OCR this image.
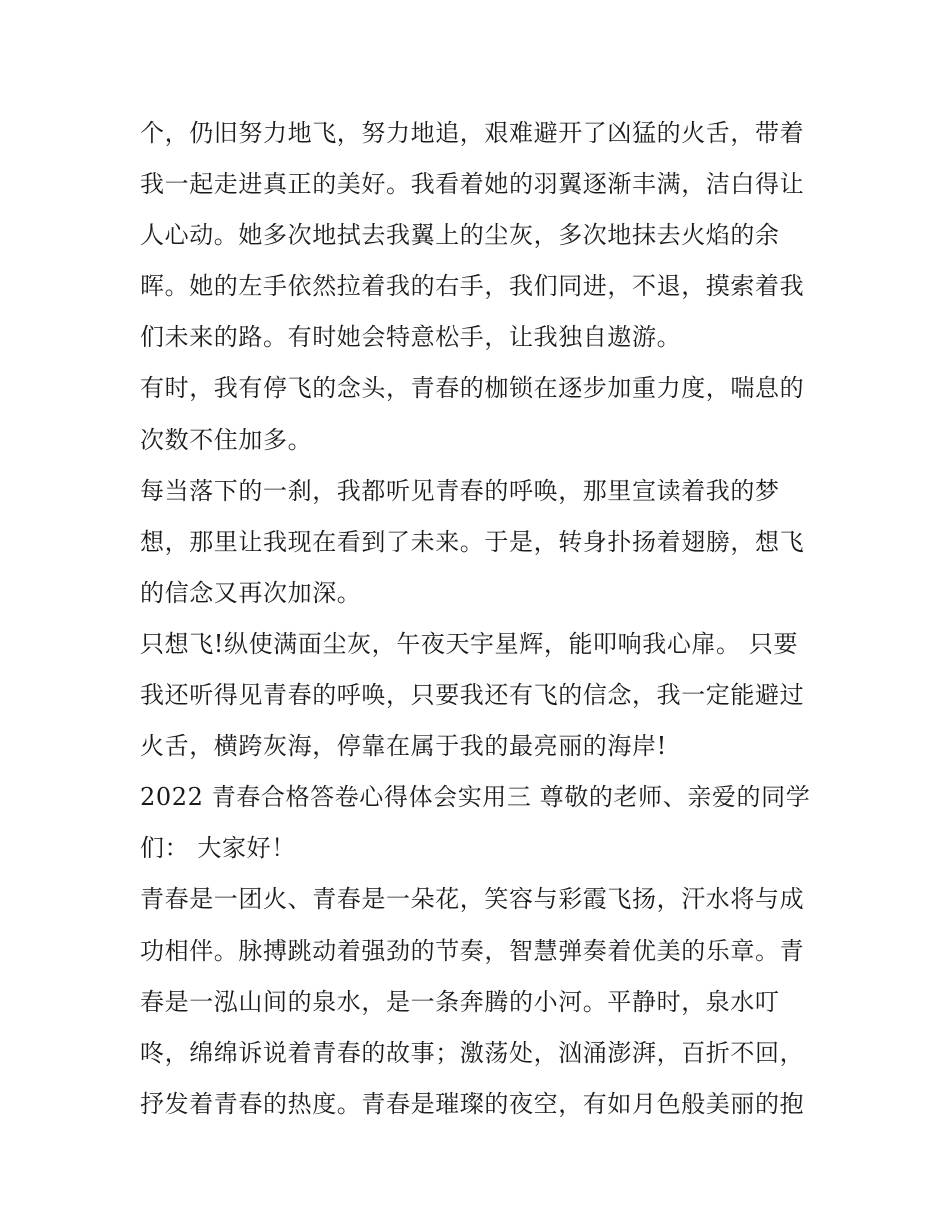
个，仍旧努力地飞，努力地追，艰难避开了凶猛的火舌，带着
我一起走进真正的美好。我看着她的羽翼逐渐丰满，洁白得让
人心动。她多次地拭去我翼上的尘灰，多次地抹去火焰的余
晖。她的左手依然拉着我的右手，我们同进，不退，摸索着我
们未来的路。有时她会特意松手，让我独自遨游。
有时，我有停飞的念头，青春的枷锁在逐步加重力度，喘息的
次数不住加多。
每当落下的一刹，我都听见青春的呼唤，那里宣读着我的梦
想，那里让我现在看到了未来。于是，转身扑扬着翅膀，想飞
的信念又再次加深。
只想飞!纵使满面尘灰，午夜天宇星辉，能叩响我心扉。 只要
我还听得见青春的呼唤，只要我还有飞的信念，我一定能避过
火舌，横跨灰海，停靠在属于我的最亮丽的海岸!
2022 青春合格答卷心得体会实用三 尊敬的老师、亲爱的同学
们： 大家好！
青春是一团火、青春是一朵花，笑容与彩霞飞扬，汗水将与成
功相伴。脉搏跳动着强劲的节奏，智慧弹奏着优美的乐章。青
春是一泓山间的泉水，是一条奔腾的小河。平静时，泉水叮
咚，绵绵诉说着青春的故事；激荡处，汹涌澎湃，百折不回，
抒发着青春的热度。青春是璀璨的夜空，有如月色般美丽的抱
